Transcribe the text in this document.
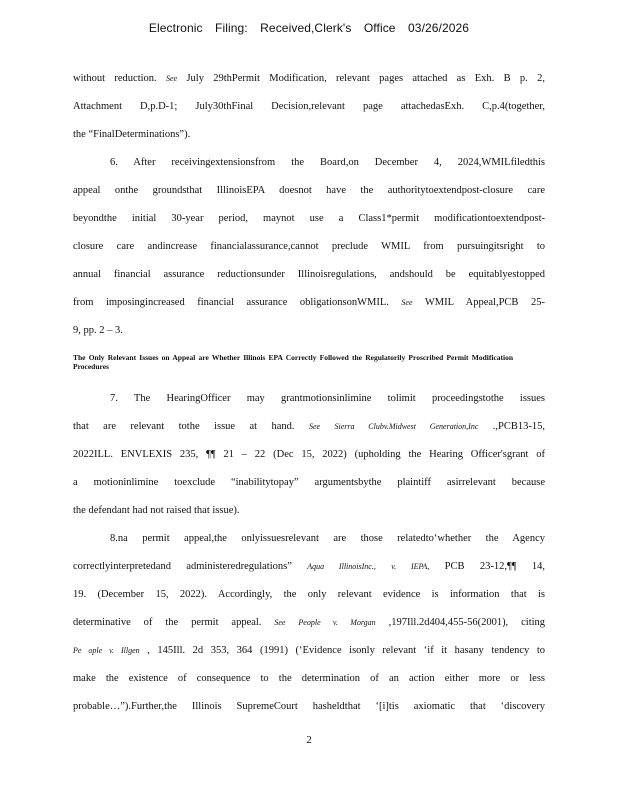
Electronic Filing: Received,Clerk's Office 03/26/2026
without reduction. See July 29thPermit Modification, relevant pages attached as Exh. B p. 2,
Attachment D,p.D-1; July30thFinal Decision,relevant page attachedasExh. C,p.4(together,
the “FinalDeterminations”).
6. After receivingextensionsfrom the Board,on December 4, 2024,WMILfiledthis
appeal onthe groundsthat IllinoisEPA doesnot have the authoritytoextendpost-closure care
beyondthe initial 30-year period, maynot use a Class1*permit modificationtoextendpost-
closure care andincrease financialassurance,cannot preclude WMIL from pursuingitsright to
annual financial assurance reductionsunder Illinoisregulations, andshould be equitablyestopped
from imposingincreased financial assurance obligationsonWMIL. See WMIL Appeal,PCB 25-
9, pp. 2 – 3.
The Only Relevant Issues on Appeal are Whether Illinois EPA Correctly Followed the Regulatorily Proscribed Permit Modification Procedures
7. The HearingOfficer may grantmotionsinlimine tolimit proceedingstothe issues
that are relevant tothe issue at hand. See Sierra Clubv.Midwest Generation,Inc .,PCB13-15,
2022ILL. ENVLEXIS 235, ¶¶ 21 – 22 (Dec 15, 2022) (upholding the Hearing Officer'sgrant of
a motioninlimine toexclude “inabilitytopay” argumentsbythe plaintiff asirrelevant because
the defendant had not raised that issue).
8.na permit appeal,the onlyissuesrelevant are those relatedto‘whether the Agency
correctlyinterpretedand administeredregulations” Aqua IllinoisInc., v. IEPA, PCB 23-12,¶¶ 14,
19. (December 15, 2022). Accordingly, the only relevant evidence is information that is
determinative of the permit appeal. See People v. Morgan ,197Ill.2d404,455-56(2001), citing
Pe ople v. Illgen , 145Ill. 2d 353, 364 (1991) (‘Evidence isonly relevant ‘if it hasany tendency to
make the existence of consequence to the determination of an action either more or less
probable…”).Further,the Illinois SupremeCourt hasheldthat ‘[i]tis axiomatic that ‘discovery
2
